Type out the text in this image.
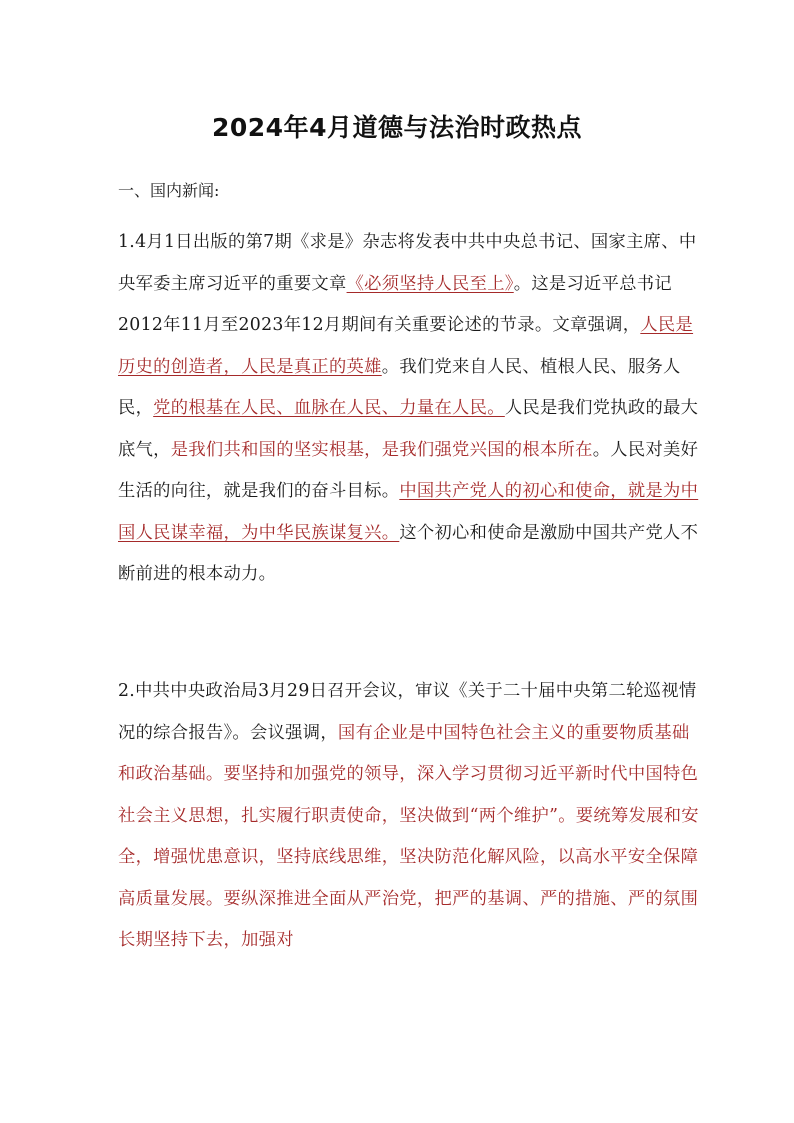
2024年4月道德与法治时政热点
一、国内新闻:

1.4月1日出版的第7期《求是》杂志将发表中共中央总书记、国家主席、中央军委主席习近平的重要文章《必须坚持人民至上》。这是习近平总书记2012年11月至2023年12月期间有关重要论述的节录。文章强调，人民是历史的创造者，人民是真正的英雄。我们党来自人民、植根人民、服务人民，党的根基在人民、血脉在人民、力量在人民。人民是我们党执政的最大底气，是我们共和国的坚实根基，是我们强党兴国的根本所在。人民对美好生活的向往，就是我们的奋斗目标。中国共产党人的初心和使命，就是为中国人民谋幸福，为中华民族谋复兴。这个初心和使命是激励中国共产党人不断前进的根本动力。

2.中共中央政治局3月29日召开会议，审议《关于二十届中央第二轮巡视情况的综合报告》。会议强调，国有企业是中国特色社会主义的重要物质基础和政治基础。要坚持和加强党的领导，深入学习贯彻习近平新时代中国特色社会主义思想，扎实履行职责使命，坚决做到“两个维护”。要统筹发展和安全，增强忧患意识，坚持底线思维，坚决防范化解风险，以高水平安全保障高质量发展。要纵深推进全面从严治党，把严的基调、严的措施、严的氛围长期坚持下去，加强对
